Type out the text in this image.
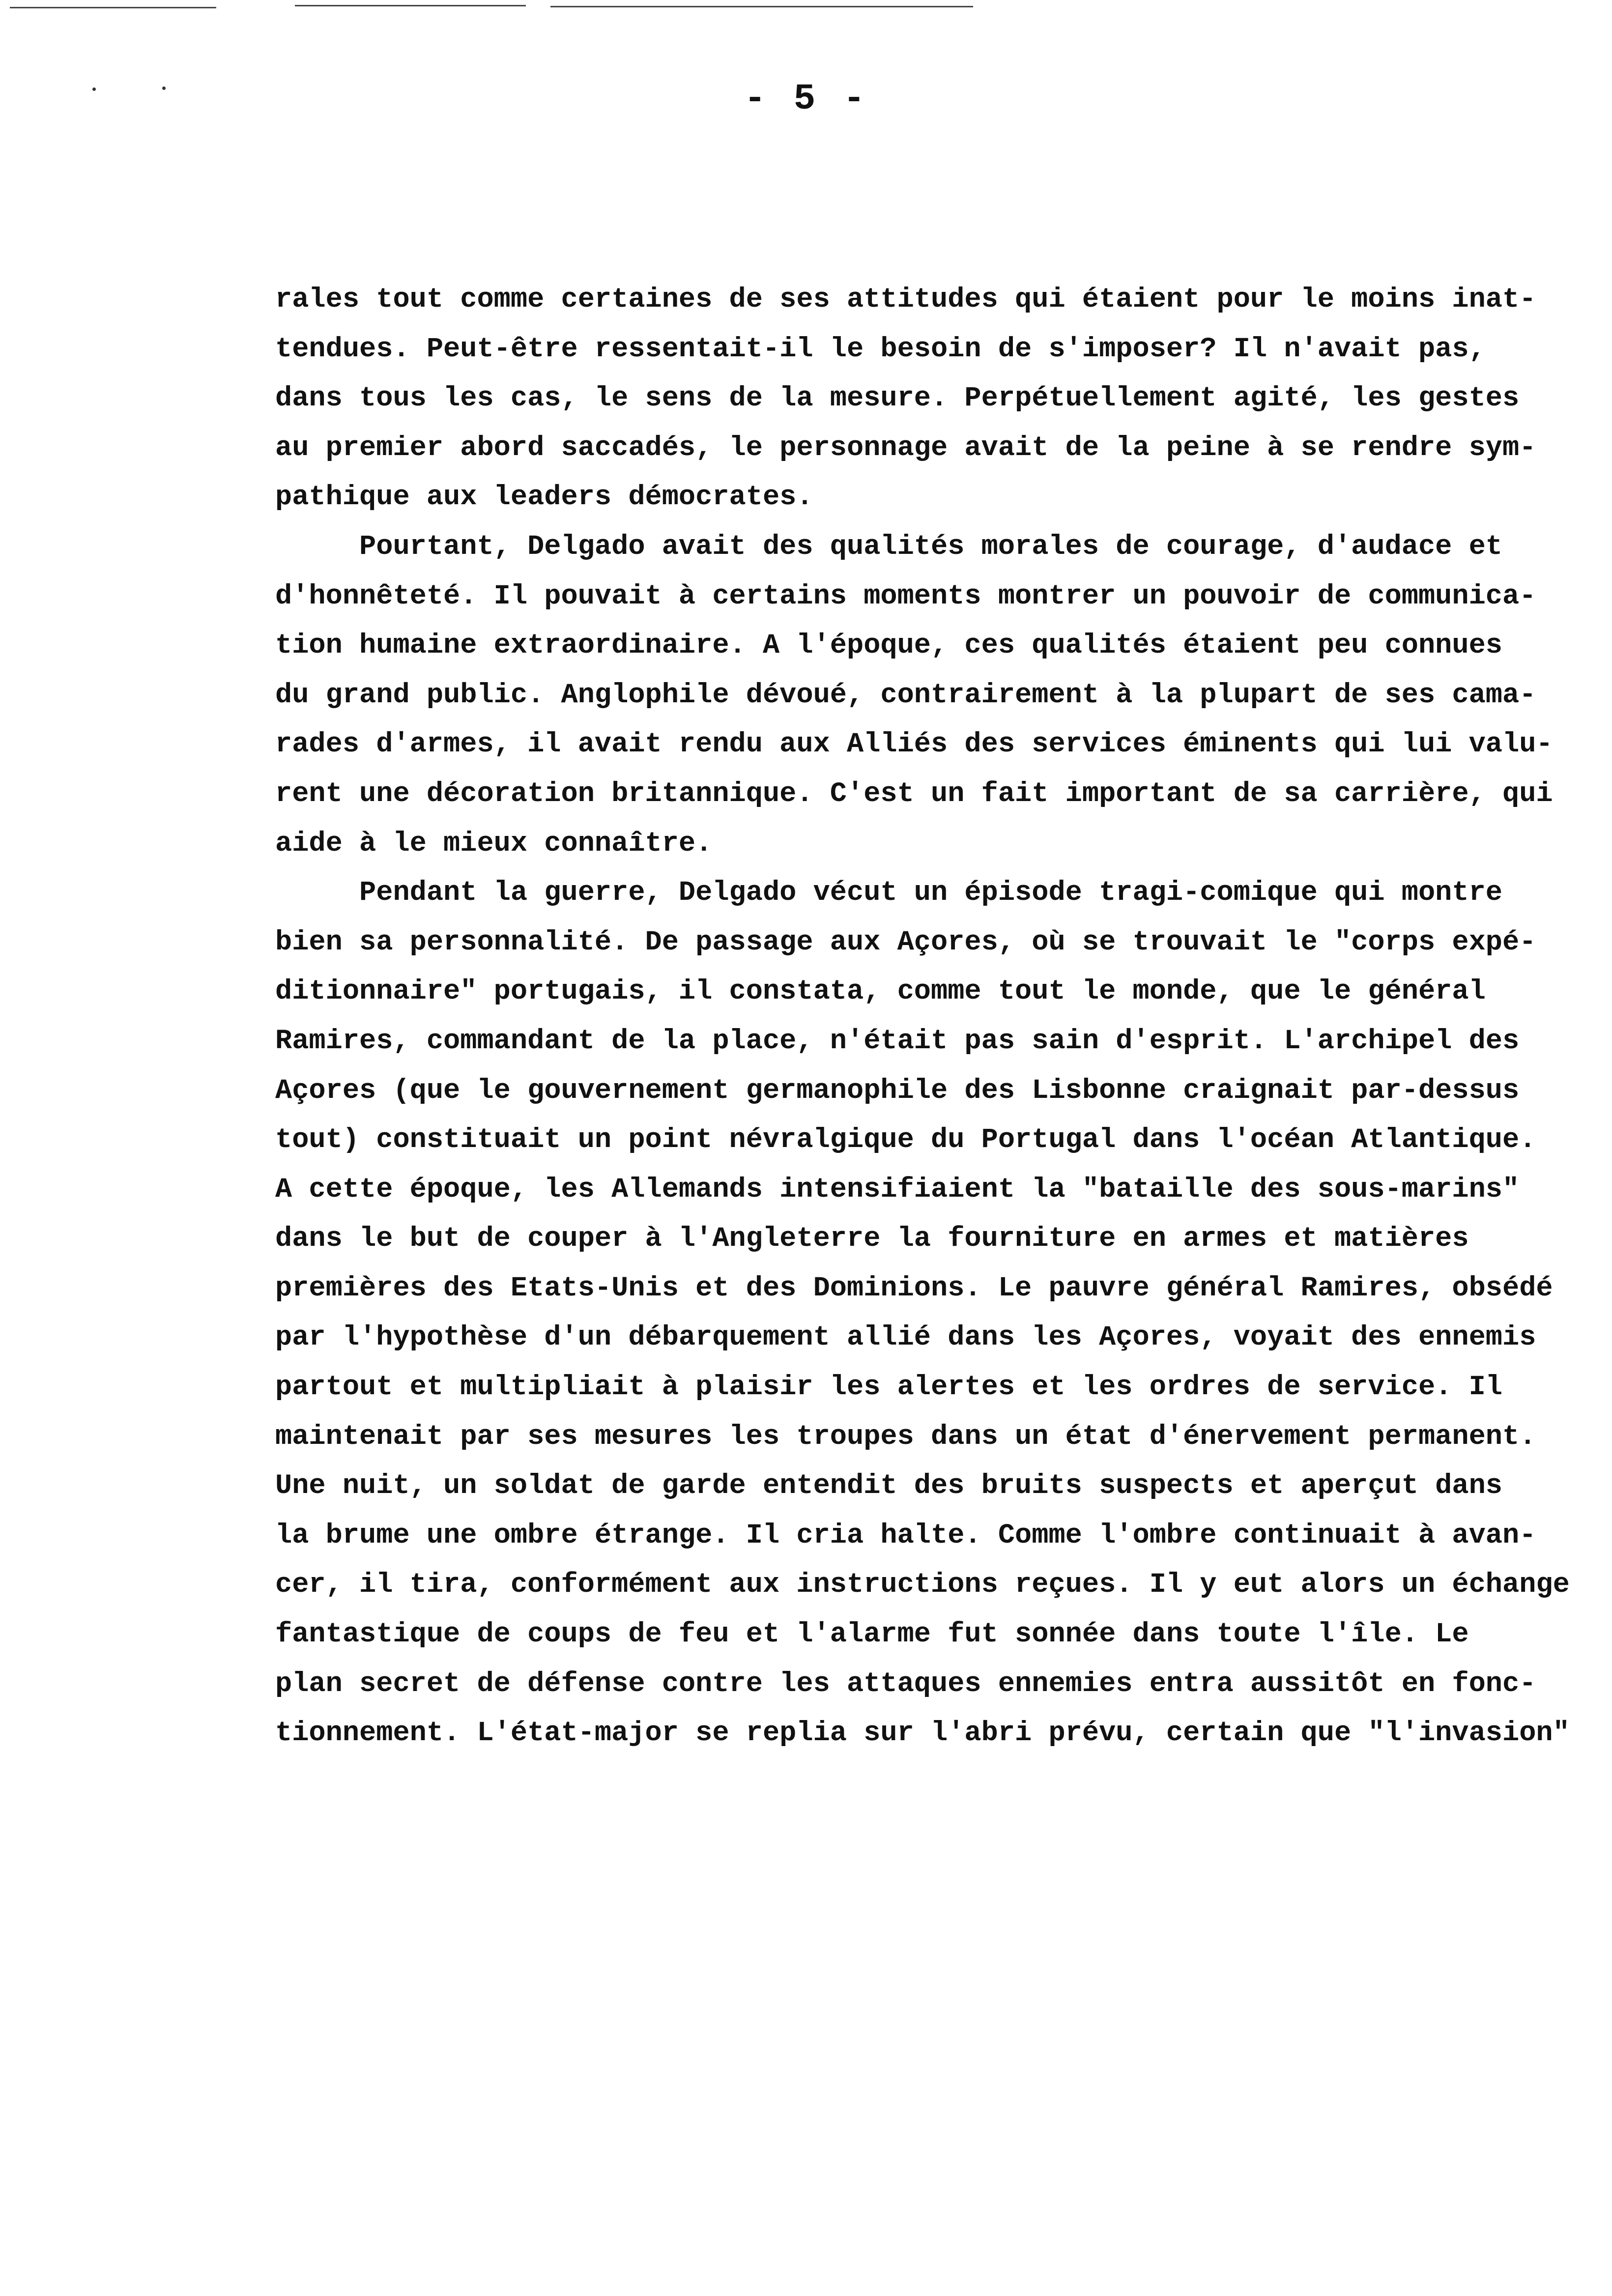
- 5 -
rales tout comme certaines de ses attitudes qui étaient pour le moins inat-
tendues. Peut-être ressentait-il le besoin de s'imposer? Il n'avait pas,
dans tous les cas, le sens de la mesure. Perpétuellement agité, les gestes
au premier abord saccadés, le personnage avait de la peine à se rendre sym-
pathique aux leaders démocrates.
Pourtant, Delgado avait des qualités morales de courage, d'audace et
d'honnêteté. Il pouvait à certains moments montrer un pouvoir de communica-
tion humaine extraordinaire. A l'époque, ces qualités étaient peu connues
du grand public. Anglophile dévoué, contrairement à la plupart de ses cama-
rades d'armes, il avait rendu aux Alliés des services éminents qui lui valu-
rent une décoration britannique. C'est un fait important de sa carrière, qui
aide à le mieux connaître.
Pendant la guerre, Delgado vécut un épisode tragi-comique qui montre
bien sa personnalité. De passage aux Açores, où se trouvait le "corps expé-
ditionnaire" portugais, il constata, comme tout le monde, que le général
Ramires, commandant de la place, n'était pas sain d'esprit. L'archipel des
Açores (que le gouvernement germanophile des Lisbonne craignait par-dessus
tout) constituait un point névralgique du Portugal dans l'océan Atlantique.
A cette époque, les Allemands intensifiaient la "bataille des sous-marins"
dans le but de couper à l'Angleterre la fourniture en armes et matières
premières des Etats-Unis et des Dominions. Le pauvre général Ramires, obsédé
par l'hypothèse d'un débarquement allié dans les Açores, voyait des ennemis
partout et multipliait à plaisir les alertes et les ordres de service. Il
maintenait par ses mesures les troupes dans un état d'énervement permanent.
Une nuit, un soldat de garde entendit des bruits suspects et aperçut dans
la brume une ombre étrange. Il cria halte. Comme l'ombre continuait à avan-
cer, il tira, conformément aux instructions reçues. Il y eut alors un échange
fantastique de coups de feu et l'alarme fut sonnée dans toute l'île. Le
plan secret de défense contre les attaques ennemies entra aussitôt en fonc-
tionnement. L'état-major se replia sur l'abri prévu, certain que "l'invasion"
